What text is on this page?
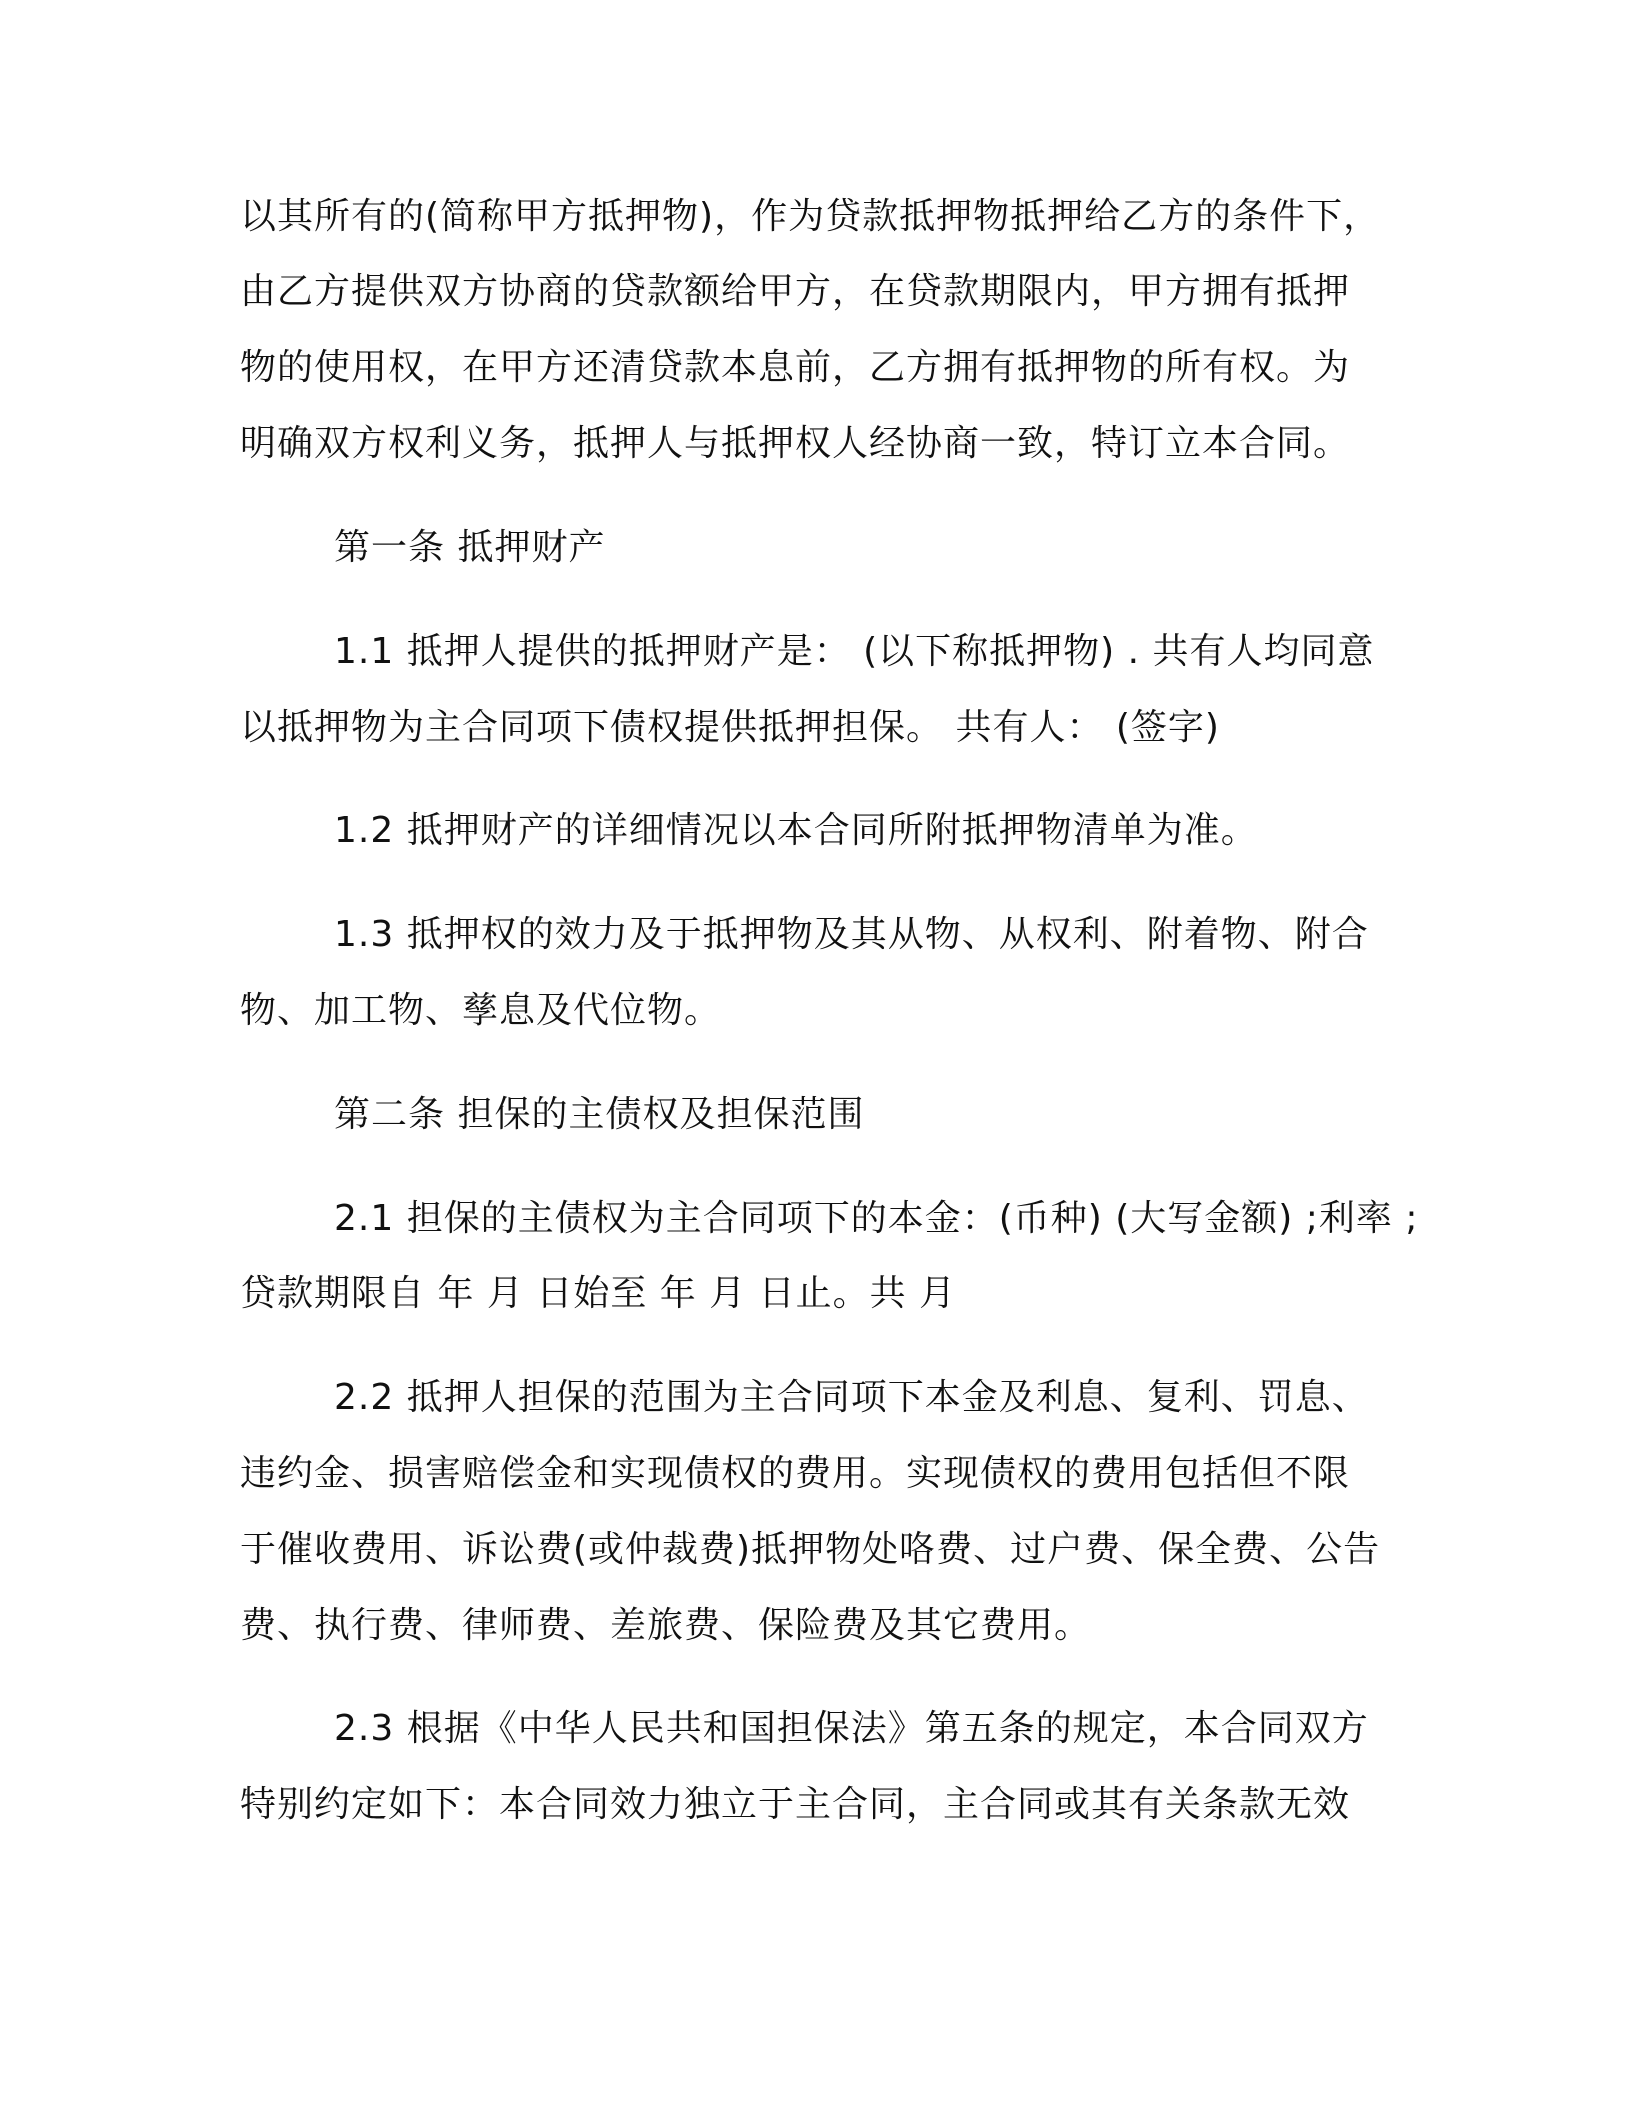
以其所有的(简称甲方抵押物)，作为贷款抵押物抵押给乙方的条件下，
由乙方提供双方协商的贷款额给甲方，在贷款期限内，甲方拥有抵押
物的使用权，在甲方还清贷款本息前，乙方拥有抵押物的所有权。为
明确双方权利义务，抵押人与抵押权人经协商一致，特订立本合同。
第一条 抵押财产
1.1 抵押人提供的抵押财产是： (以下称抵押物) . 共有人均同意
以抵押物为主合同项下债权提供抵押担保。 共有人： (签字)
1.2 抵押财产的详细情况以本合同所附抵押物清单为准。
1.3 抵押权的效力及于抵押物及其从物、从权利、附着物、附合
物、加工物、孳息及代位物。
第二条 担保的主债权及担保范围
2.1 担保的主债权为主合同项下的本金：(币种) (大写金额) ;利率 ;
贷款期限自 年 月 日始至 年 月 日止。共 月
2.2 抵押人担保的范围为主合同项下本金及利息、复利、罚息、
违约金、损害赔偿金和实现债权的费用。实现债权的费用包括但不限
于催收费用、诉讼费(或仲裁费)抵押物处咯费、过户费、保全费、公告
费、执行费、律师费、差旅费、保险费及其它费用。
2.3 根据《中华人民共和国担保法》第五条的规定，本合同双方
特别约定如下：本合同效力独立于主合同，主合同或其有关条款无效
